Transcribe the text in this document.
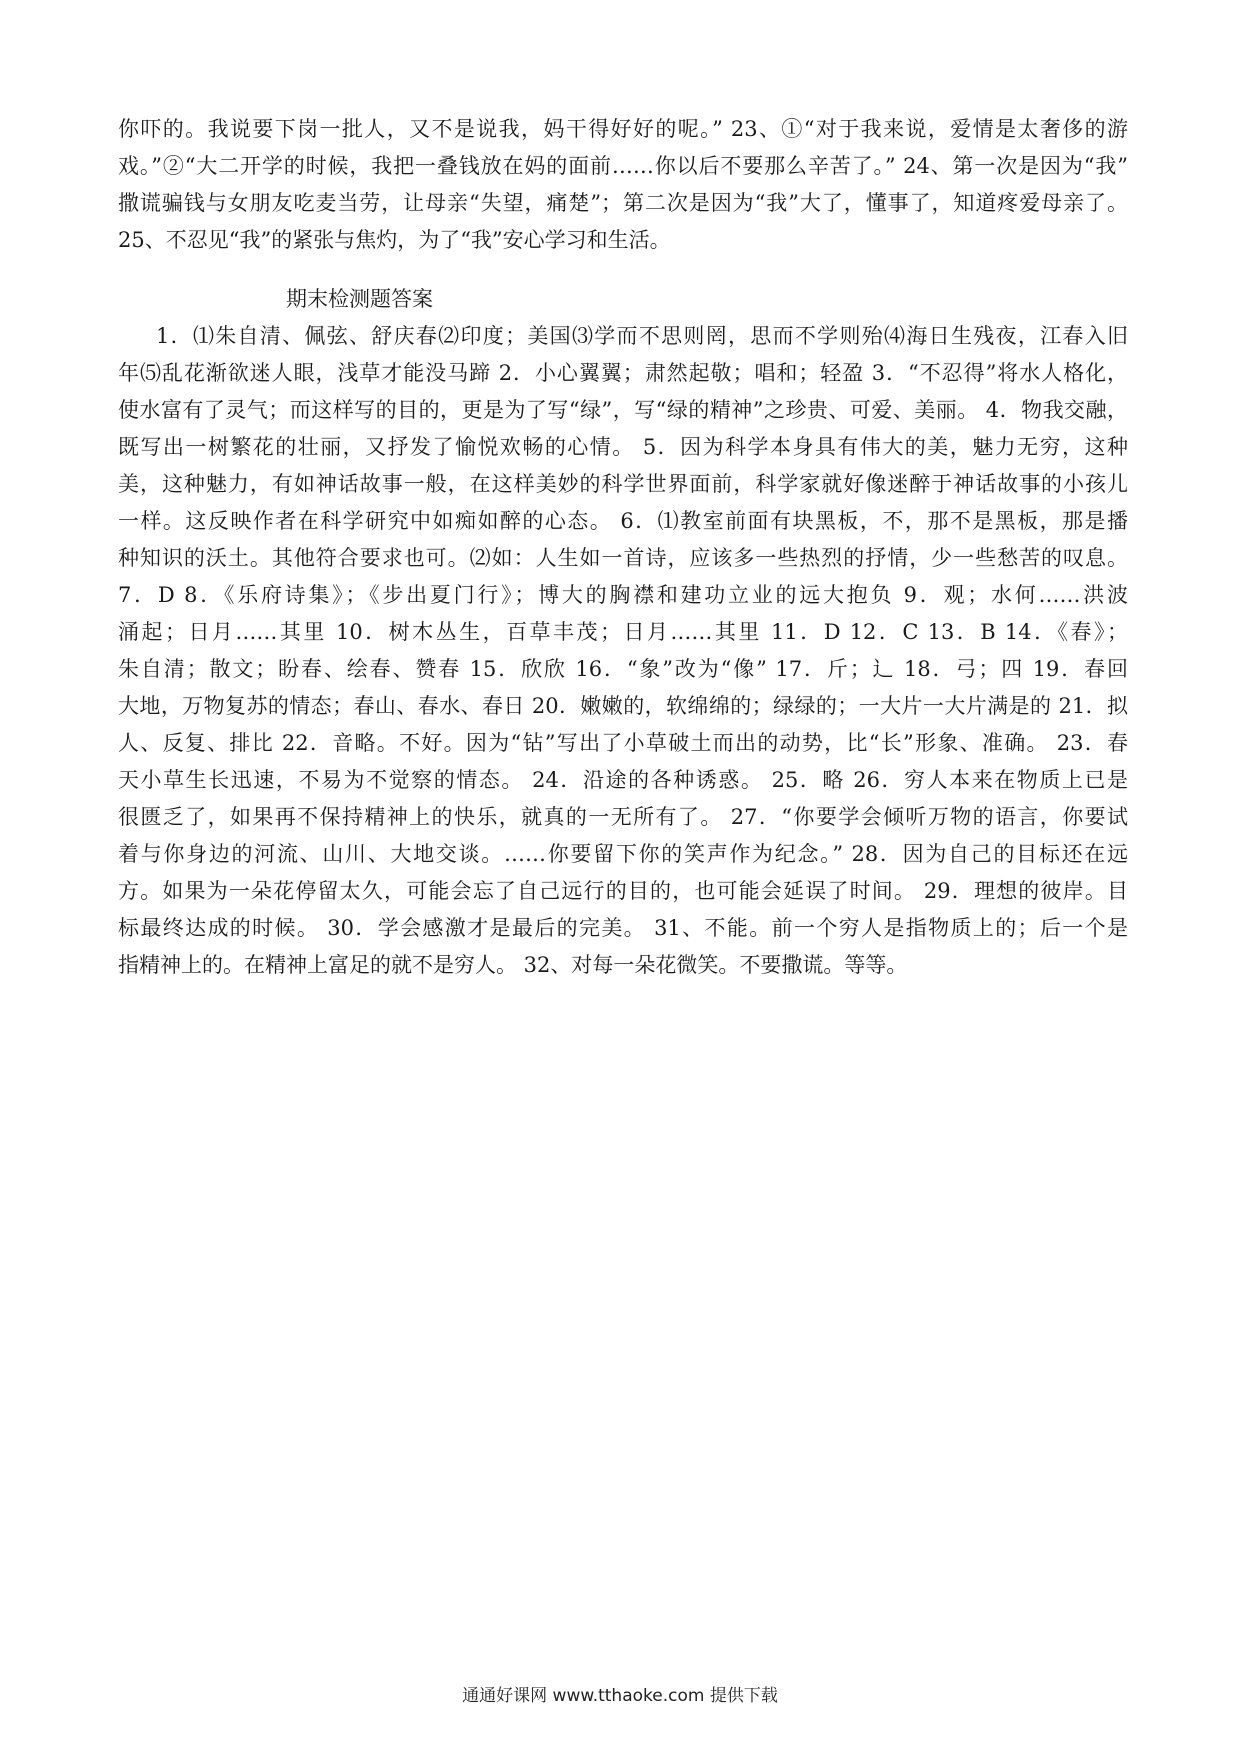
你吓的。我说要下岗一批人，又不是说我，妈干得好好的呢。” 23、①“对于我来说，爱情是太奢侈的游
戏。”②“大二开学的时候，我把一叠钱放在妈的面前……你以后不要那么辛苦了。” 24、第一次是因为“我”
撒谎骗钱与女朋友吃麦当劳，让母亲“失望，痛楚”；第二次是因为“我”大了，懂事了，知道疼爱母亲了。
25、不忍见“我”的紧张与焦灼，为了“我”安心学习和生活。
期末检测题答案
1．⑴朱自清、佩弦、舒庆春⑵印度；美国⑶学而不思则罔，思而不学则殆⑷海日生残夜，江春入旧
年⑸乱花渐欲迷人眼，浅草才能没马蹄 2．小心翼翼；肃然起敬；唱和；轻盈 3．“不忍得”将水人格化，
使水富有了灵气；而这样写的目的，更是为了写“绿”，写“绿的精神”之珍贵、可爱、美丽。 4．物我交融，
既写出一树繁花的壮丽，又抒发了愉悦欢畅的心情。 5．因为科学本身具有伟大的美，魅力无穷，这种
美，这种魅力，有如神话故事一般，在这样美妙的科学世界面前，科学家就好像迷醉于神话故事的小孩儿
一样。这反映作者在科学研究中如痴如醉的心态。 6．⑴教室前面有块黑板，不，那不是黑板，那是播
种知识的沃土。其他符合要求也可。⑵如：人生如一首诗，应该多一些热烈的抒情，少一些愁苦的叹息。
7．D 8．《乐府诗集》；《步出夏门行》；博大的胸襟和建功立业的远大抱负 9．观；水何……洪波
涌起；日月……其里 10．树木丛生，百草丰茂；日月……其里 11．D 12．C 13．B 14．《春》；
朱自清；散文；盼春、绘春、赞春 15．欣欣 16．“象”改为“像” 17．斤；辶 18．弓；四 19．春回
大地，万物复苏的情态；春山、春水、春日 20．嫩嫩的，软绵绵的；绿绿的；一大片一大片满是的 21．拟
人、反复、排比 22．音略。不好。因为“钻”写出了小草破土而出的动势，比“长”形象、准确。 23．春
天小草生长迅速，不易为不觉察的情态。 24．沿途的各种诱惑。 25．略 26．穷人本来在物质上已是
很匮乏了，如果再不保持精神上的快乐，就真的一无所有了。 27．“你要学会倾听万物的语言，你要试
着与你身边的河流、山川、大地交谈。……你要留下你的笑声作为纪念。” 28．因为自己的目标还在远
方。如果为一朵花停留太久，可能会忘了自己远行的目的，也可能会延误了时间。 29．理想的彼岸。目
标最终达成的时候。 30．学会感激才是最后的完美。 31、不能。前一个穷人是指物质上的；后一个是
指精神上的。在精神上富足的就不是穷人。 32、对每一朵花微笑。不要撒谎。等等。
通通好课网 www.tthaoke.com 提供下载
